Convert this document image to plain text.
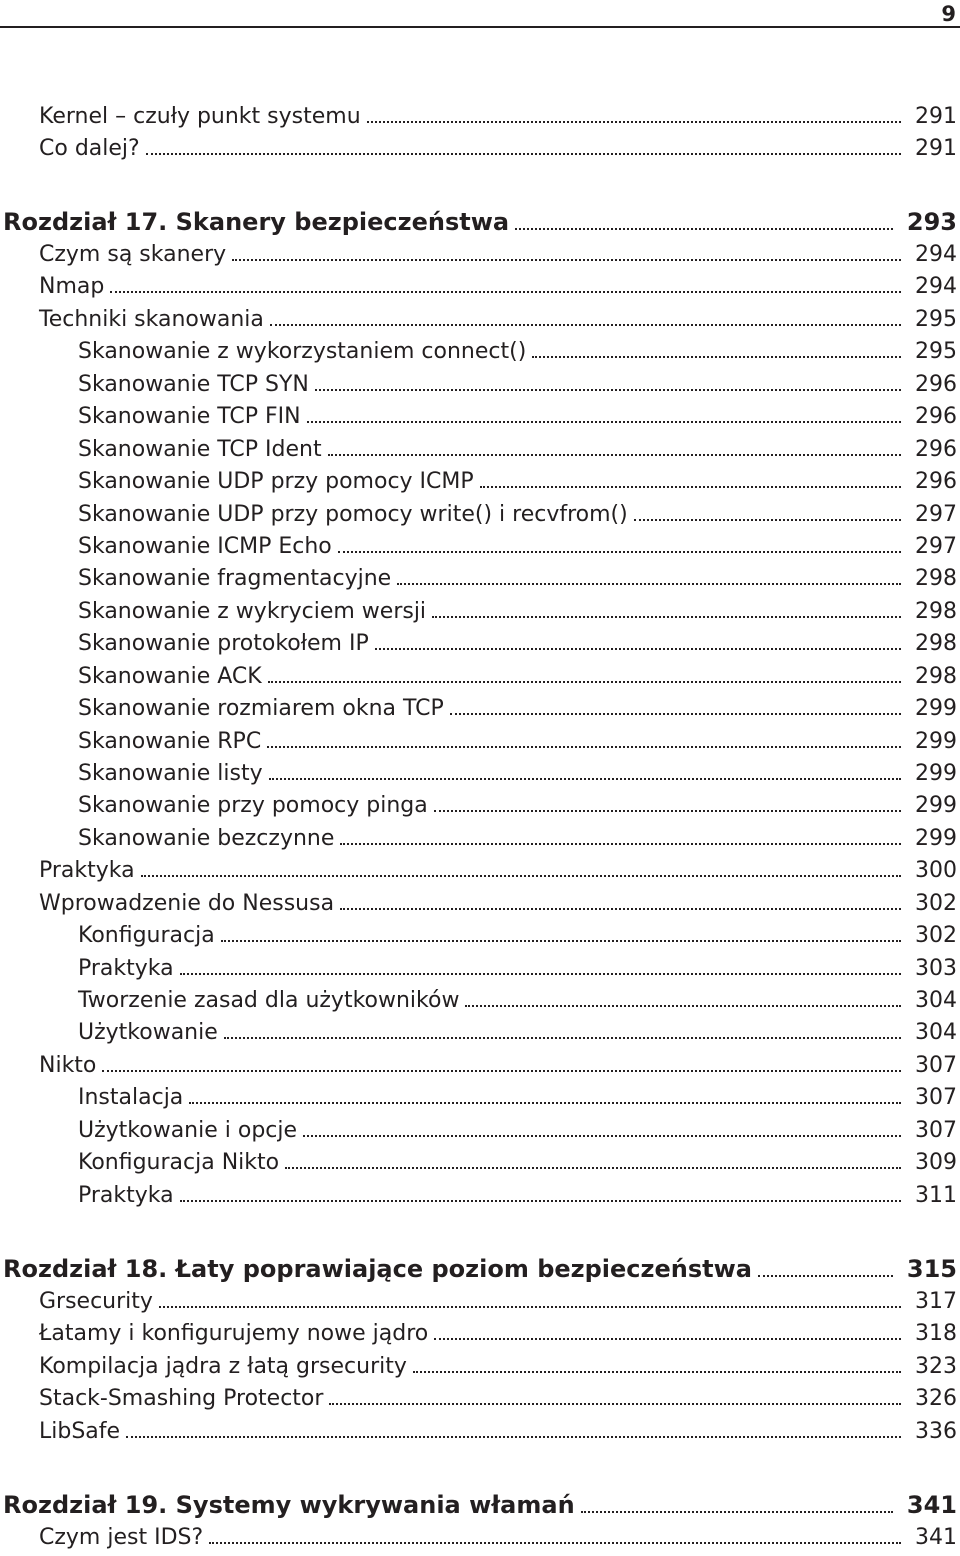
9
Kernel – czuły punkt systemu	291
Co dalej?	291
Rozdział 17. Skanery bezpieczeństwa	293
Czym są skanery	294
Nmap	294
Techniki skanowania	295
Skanowanie z wykorzystaniem connect()	295
Skanowanie TCP SYN	296
Skanowanie TCP FIN	296
Skanowanie TCP Ident	296
Skanowanie UDP przy pomocy ICMP	296
Skanowanie UDP przy pomocy write() i recvfrom()	297
Skanowanie ICMP Echo	297
Skanowanie fragmentacyjne	298
Skanowanie z wykryciem wersji	298
Skanowanie protokołem IP	298
Skanowanie ACK	298
Skanowanie rozmiarem okna TCP	299
Skanowanie RPC	299
Skanowanie listy	299
Skanowanie przy pomocy pinga	299
Skanowanie bezczynne	299
Praktyka	300
Wprowadzenie do Nessusa	302
Konfiguracja	302
Praktyka	303
Tworzenie zasad dla użytkowników	304
Użytkowanie	304
Nikto	307
Instalacja	307
Użytkowanie i opcje	307
Konfiguracja Nikto	309
Praktyka	311
Rozdział 18. Łaty poprawiające poziom bezpieczeństwa	315
Grsecurity	317
Łatamy i konfigurujemy nowe jądro	318
Kompilacja jądra z łatą grsecurity	323
Stack-Smashing Protector	326
LibSafe	336
Rozdział 19. Systemy wykrywania włamań	341
Czym jest IDS?	341
